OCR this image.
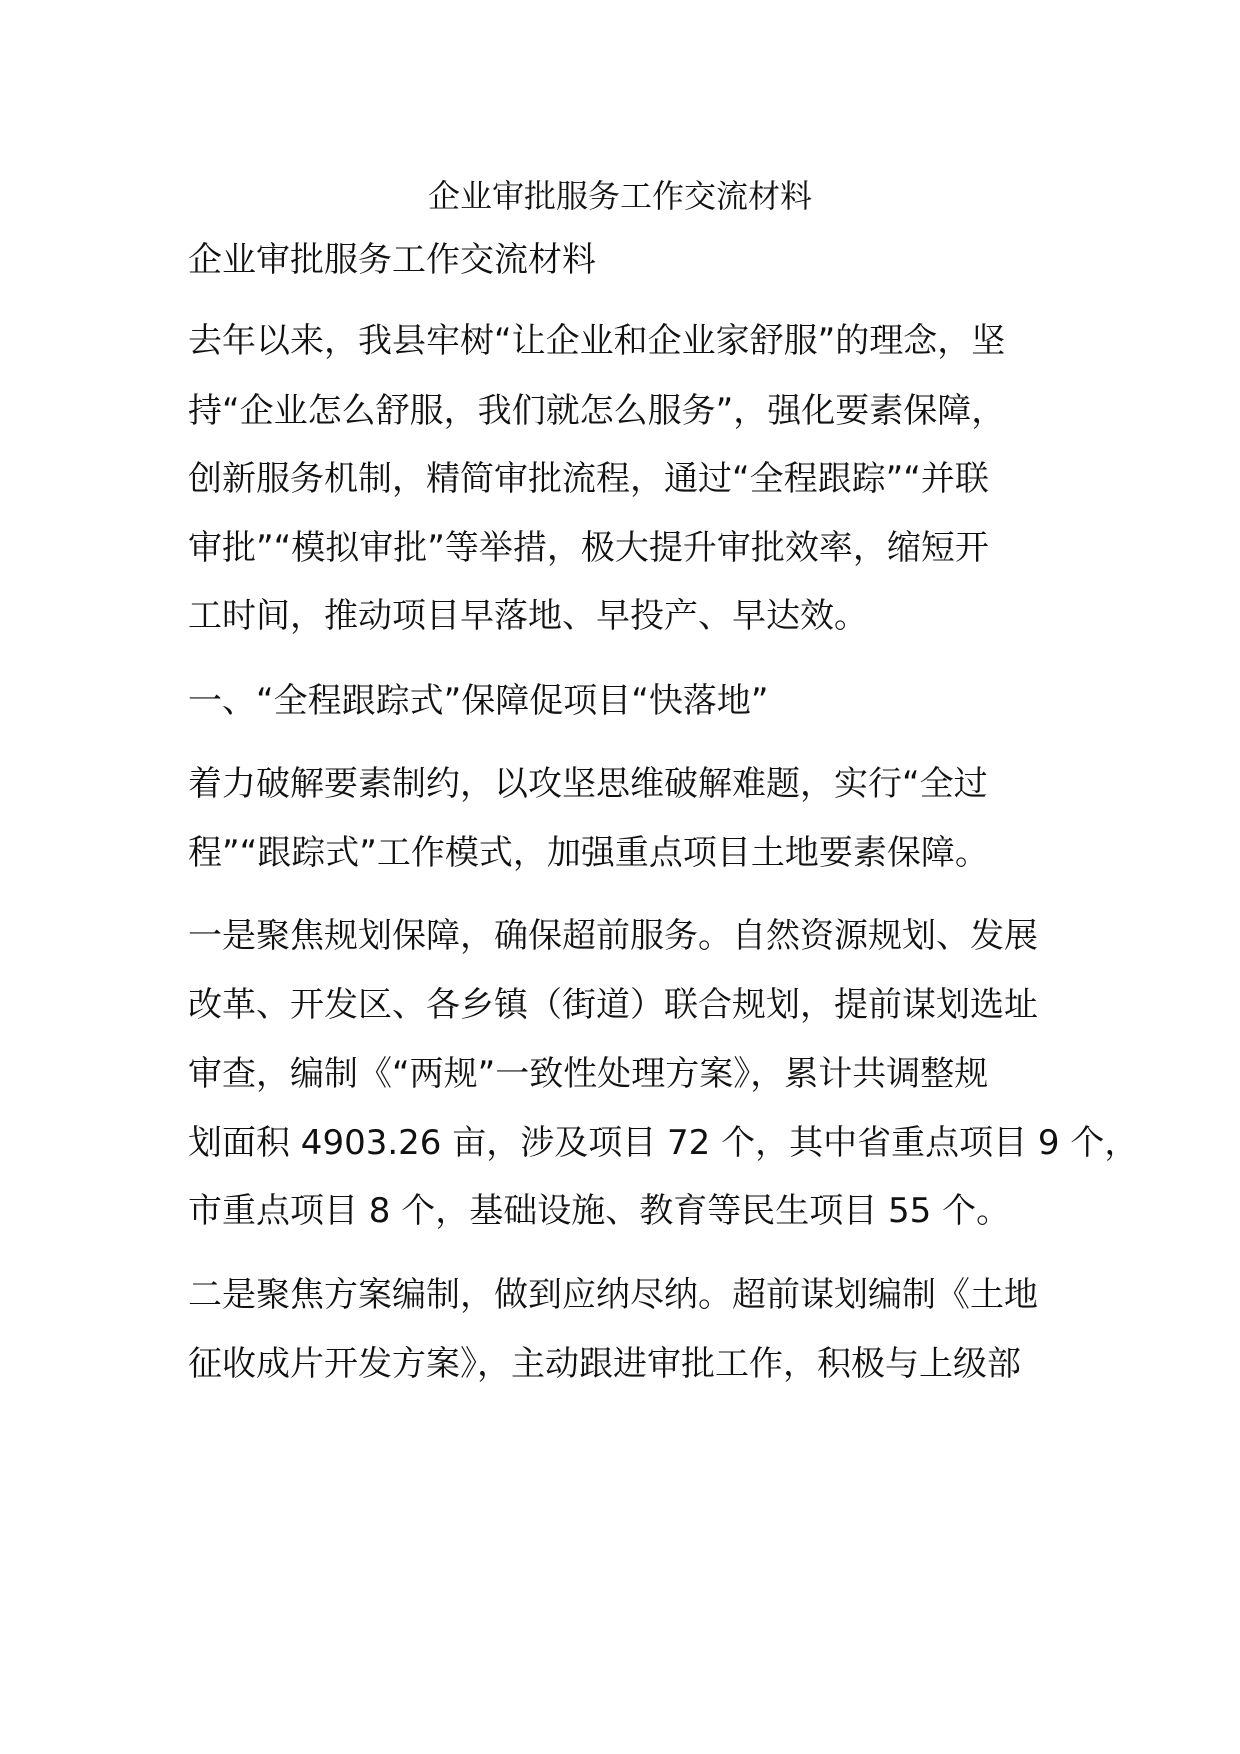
企业审批服务工作交流材料
企业审批服务工作交流材料
去年以来，我县牢树“让企业和企业家舒服”的理念，坚
持“企业怎么舒服，我们就怎么服务”，强化要素保障，
创新服务机制，精简审批流程，通过“全程跟踪”“并联
审批”“模拟审批”等举措，极大提升审批效率，缩短开
工时间，推动项目早落地、早投产、早达效。
一、“全程跟踪式”保障促项目“快落地”
着力破解要素制约，以攻坚思维破解难题，实行“全过
程”“跟踪式”工作模式，加强重点项目土地要素保障。
一是聚焦规划保障，确保超前服务。自然资源规划、发展
改革、开发区、各乡镇（街道）联合规划，提前谋划选址
审查，编制《“两规”一致性处理方案》，累计共调整规
划面积 4903.26 亩，涉及项目 72 个，其中省重点项目 9 个，
市重点项目 8 个，基础设施、教育等民生项目 55 个。
二是聚焦方案编制，做到应纳尽纳。超前谋划编制《土地
征收成片开发方案》，主动跟进审批工作，积极与上级部
